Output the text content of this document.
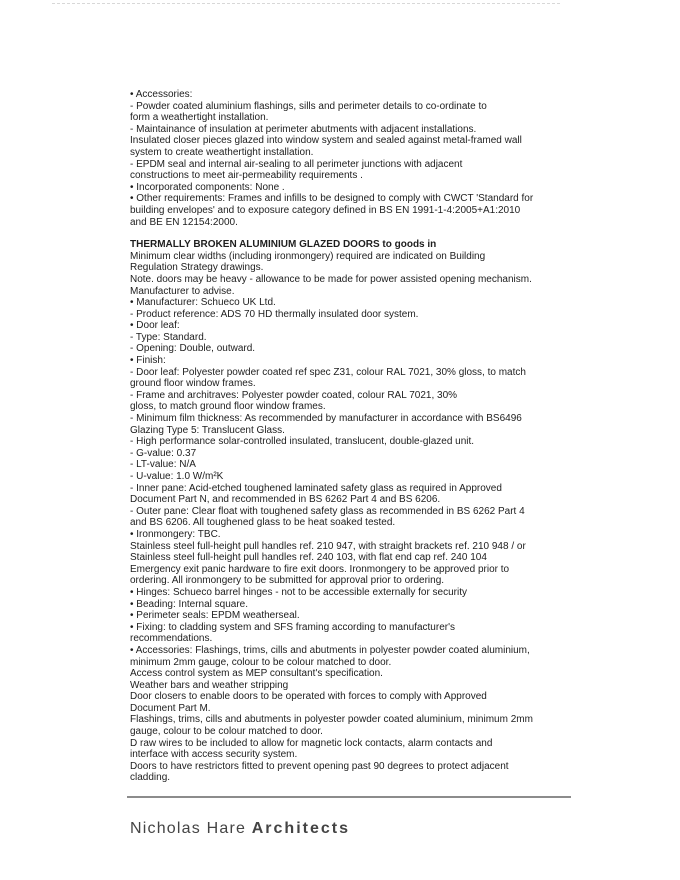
• Accessories:
- Powder coated aluminium flashings, sills and perimeter details to co-ordinate to
form a weathertight installation.
- Maintainance of insulation at perimeter abutments with adjacent installations.
Insulated closer pieces glazed into window system and sealed against metal-framed wall
system to create weathertight installation.
- EPDM seal and internal air-sealing to all perimeter junctions with adjacent
constructions to meet air-permeability requirements .
• Incorporated components: None .
• Other requirements: Frames and infills to be designed to comply with CWCT 'Standard for
building envelopes' and to exposure category defined in BS EN 1991-1-4:2005+A1:2010
and BE EN 12154:2000.
THERMALLY BROKEN ALUMINIUM GLAZED DOORS to goods in
Minimum clear widths (including ironmongery) required are indicated on Building
Regulation Strategy drawings.
Note. doors may be heavy - allowance to be made for power assisted opening mechanism.
Manufacturer to advise.
• Manufacturer: Schueco UK Ltd.
- Product reference: ADS 70 HD thermally insulated door system.
• Door leaf:
- Type: Standard.
- Opening: Double, outward.
• Finish:
- Door leaf: Polyester powder coated ref spec Z31, colour RAL 7021, 30% gloss, to match
ground floor window frames.
- Frame and architraves: Polyester powder coated, colour RAL 7021, 30%
gloss, to match ground floor window frames.
- Minimum film thickness: As recommended by manufacturer in accordance with BS6496
Glazing Type 5: Translucent Glass.
- High performance solar-controlled insulated, translucent, double-glazed unit.
- G-value: 0.37
- LT-value: N/A
- U-value: 1.0 W/m²K
- Inner pane: Acid-etched toughened laminated safety glass as required in Approved
Document Part N, and recommended in BS 6262 Part 4 and BS 6206.
- Outer pane: Clear float with toughened safety glass as recommended in BS 6262 Part 4
and BS 6206. All toughened glass to be heat soaked tested.
• Ironmongery: TBC.
Stainless steel full-height pull handles ref. 210 947, with straight brackets ref. 210 948 / or
Stainless steel full-height pull handles ref. 240 103, with flat end cap ref. 240 104
Emergency exit panic hardware to fire exit doors. Ironmongery to be approved prior to
ordering. All ironmongery to be submitted for approval prior to ordering.
• Hinges: Schueco barrel hinges - not to be accessible externally for security
• Beading: Internal square.
• Perimeter seals: EPDM weatherseal.
• Fixing: to cladding system and SFS framing according to manufacturer's
recommendations.
• Accessories: Flashings, trims, cills and abutments in polyester powder coated aluminium,
minimum 2mm gauge, colour to be colour matched to door.
Access control system as MEP consultant's specification.
Weather bars and weather stripping
Door closers to enable doors to be operated with forces to comply with Approved
Document Part M.
Flashings, trims, cills and abutments in polyester powder coated aluminium, minimum 2mm
gauge, colour to be colour matched to door.
D raw wires to be included to allow for magnetic lock contacts, alarm contacts and
interface with access security system.
Doors to have restrictors fitted to prevent opening past 90 degrees to protect adjacent
cladding.
Nicholas Hare Architects
